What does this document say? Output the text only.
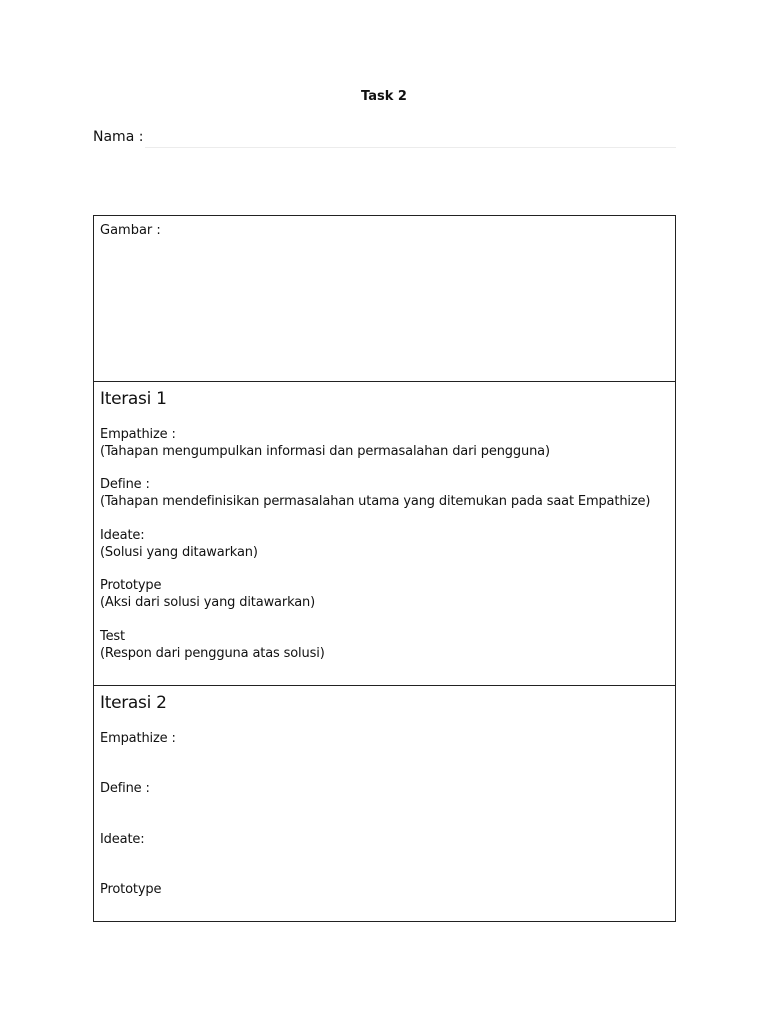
Task 2
Nama :
Gambar :
Iterasi 1
Empathize :
(Tahapan mengumpulkan informasi dan permasalahan dari pengguna)
Define :
(Tahapan mendefinisikan permasalahan utama yang ditemukan pada saat Empathize)
Ideate:
(Solusi yang ditawarkan)
Prototype
(Aksi dari solusi yang ditawarkan)
Test
(Respon dari pengguna atas solusi)
Iterasi 2
Empathize :
Define :
Ideate:
Prototype
